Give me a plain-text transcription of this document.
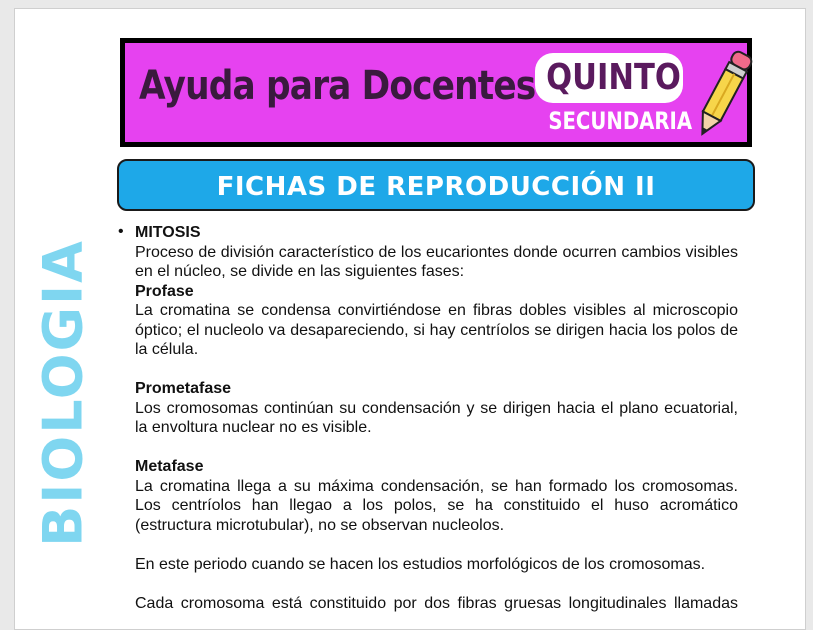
Ayuda para Docentes QUINTO
SECUNDARIA
FICHAS DE REPRODUCCIÓN II
BIOLOGIA
• MITOSIS

Proceso de división característico de los eucariontes donde ocurren cambios visibles en el núcleo, se divide en las siguientes fases:

Profase

La cromatina se condensa convirtiéndose en fibras dobles visibles al microscopio óptico; el nucleolo va desapareciendo, si hay centríolos se dirigen hacia los polos de la célula.

Prometafase

Los cromosomas continúan su condensación y se dirigen hacia el plano ecuatorial, la envoltura nuclear no es visible.

Metafase

La cromatina llega a su máxima condensación, se han formado los cromosomas. Los centríolos han llegao a los polos, se ha constituido el huso acromático (estructura microtubular), no se observan nucleolos.

En este periodo cuando se hacen los estudios morfológicos de los cromosomas.

Cada cromosoma está constituido por dos fibras gruesas longitudinales llamadas
